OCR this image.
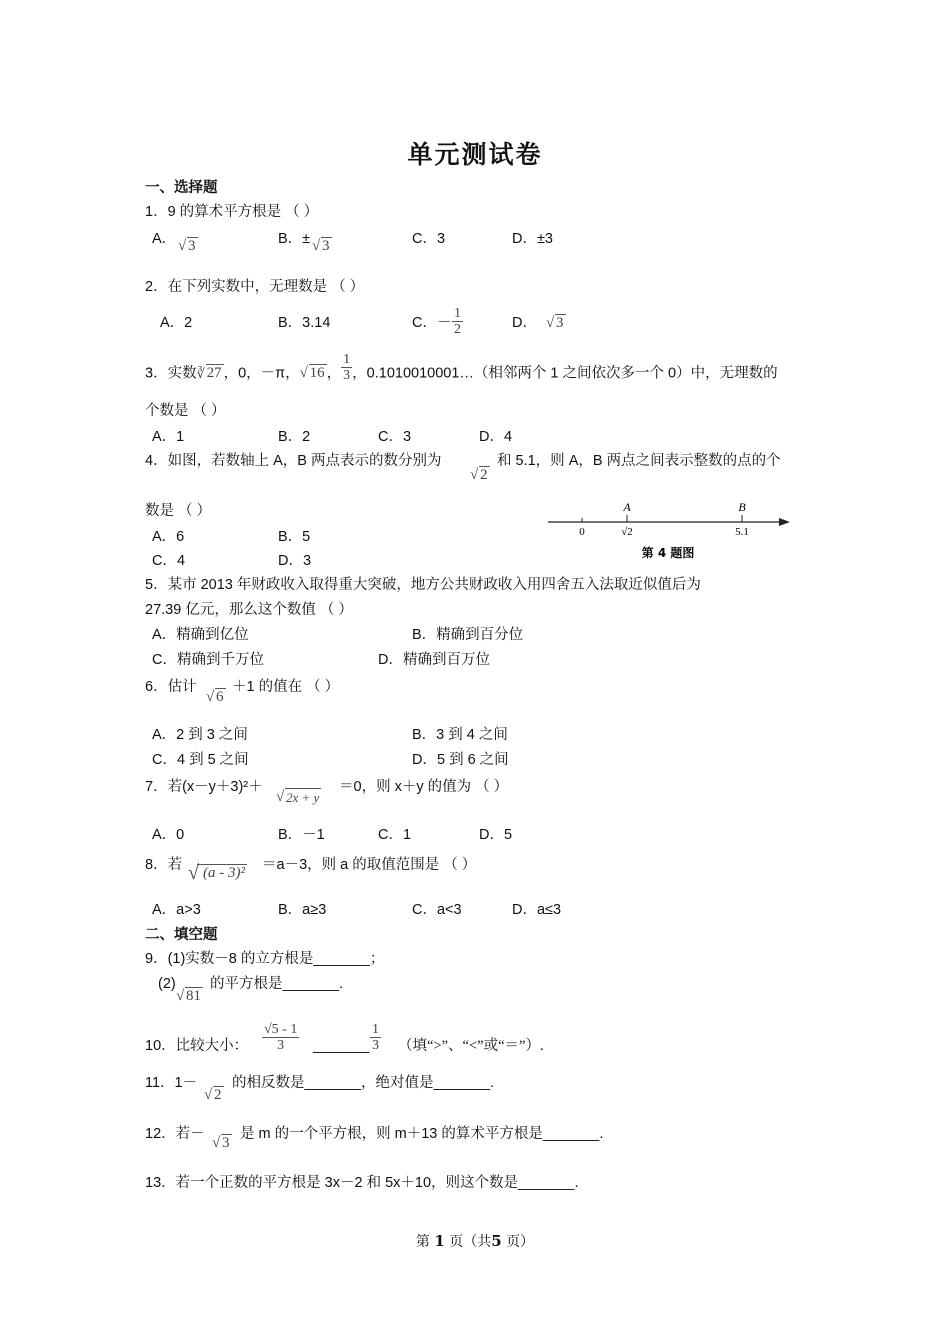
单元测试卷
一、选择题
1．9 的算术平方根是 （ ）
A． √ 3	B．± √ 3	C．3	D．±3
2．在下列实数中，无理数是 （ ）
A．2	B．3.14	C．－ $\frac{1}{2}$	D． √ 3
3．实数 ∛ 27 ，0，－π， √ 16 ， $\frac{1}{3}$ ，0.1010010001…（相邻两个 1 之间依次多一个 0）中，无理数的
个数是 （ ）
A．1	B．2	C．3	D．4
4．如图，若数轴上 A，B 两点表示的数分别为
√ 2
和 5.1，则 A，B 两点之间表示整数的点的个
数是 （ ）
A．6	B．5
C．4	D．3
A	B
0	√2	5.1
第 4 题图
5．某市 2013 年财政收入取得重大突破，地方公共财政收入用四舍五入法取近似值后为
27.39 亿元，那么这个数值 （ ）
A．精确到亿位	B．精确到百分位
C．精确到千万位	D．精确到百万位
6．估计
√ 6
＋1 的值在 （ ）
A．2 到 3 之间	B．3 到 4 之间
C．4 到 5 之间	D．5 到 6 之间
7．若(x－y＋3)²＋
√ 2x + y
＝0，则 x＋y 的值为 （ ）
A．0	B．－1	C．1	D．5
8．若 √ (a - 3)² ＝a－3，则 a 的取值范围是 （ ）
A．a>3	B．a≥3	C．a<3	D．a≤3
二、填空题
9．(1)实数－8 的立方根是_______；
(2)
√ 81
的平方根是_______.
10．比较大小： $\frac{√5 - 1}{3}$ _______ $\frac{1}{3}$ （填“>”、“<”或“＝”）.
11．1－
√ 2
的相反数是_______，绝对值是_______.
12．若－
√ 3
是 m 的一个平方根，则 m＋13 的算术平方根是_______.
13．若一个正数的平方根是 3x－2 和 5x＋10，则这个数是_______.
第 1 页（共5 页）
